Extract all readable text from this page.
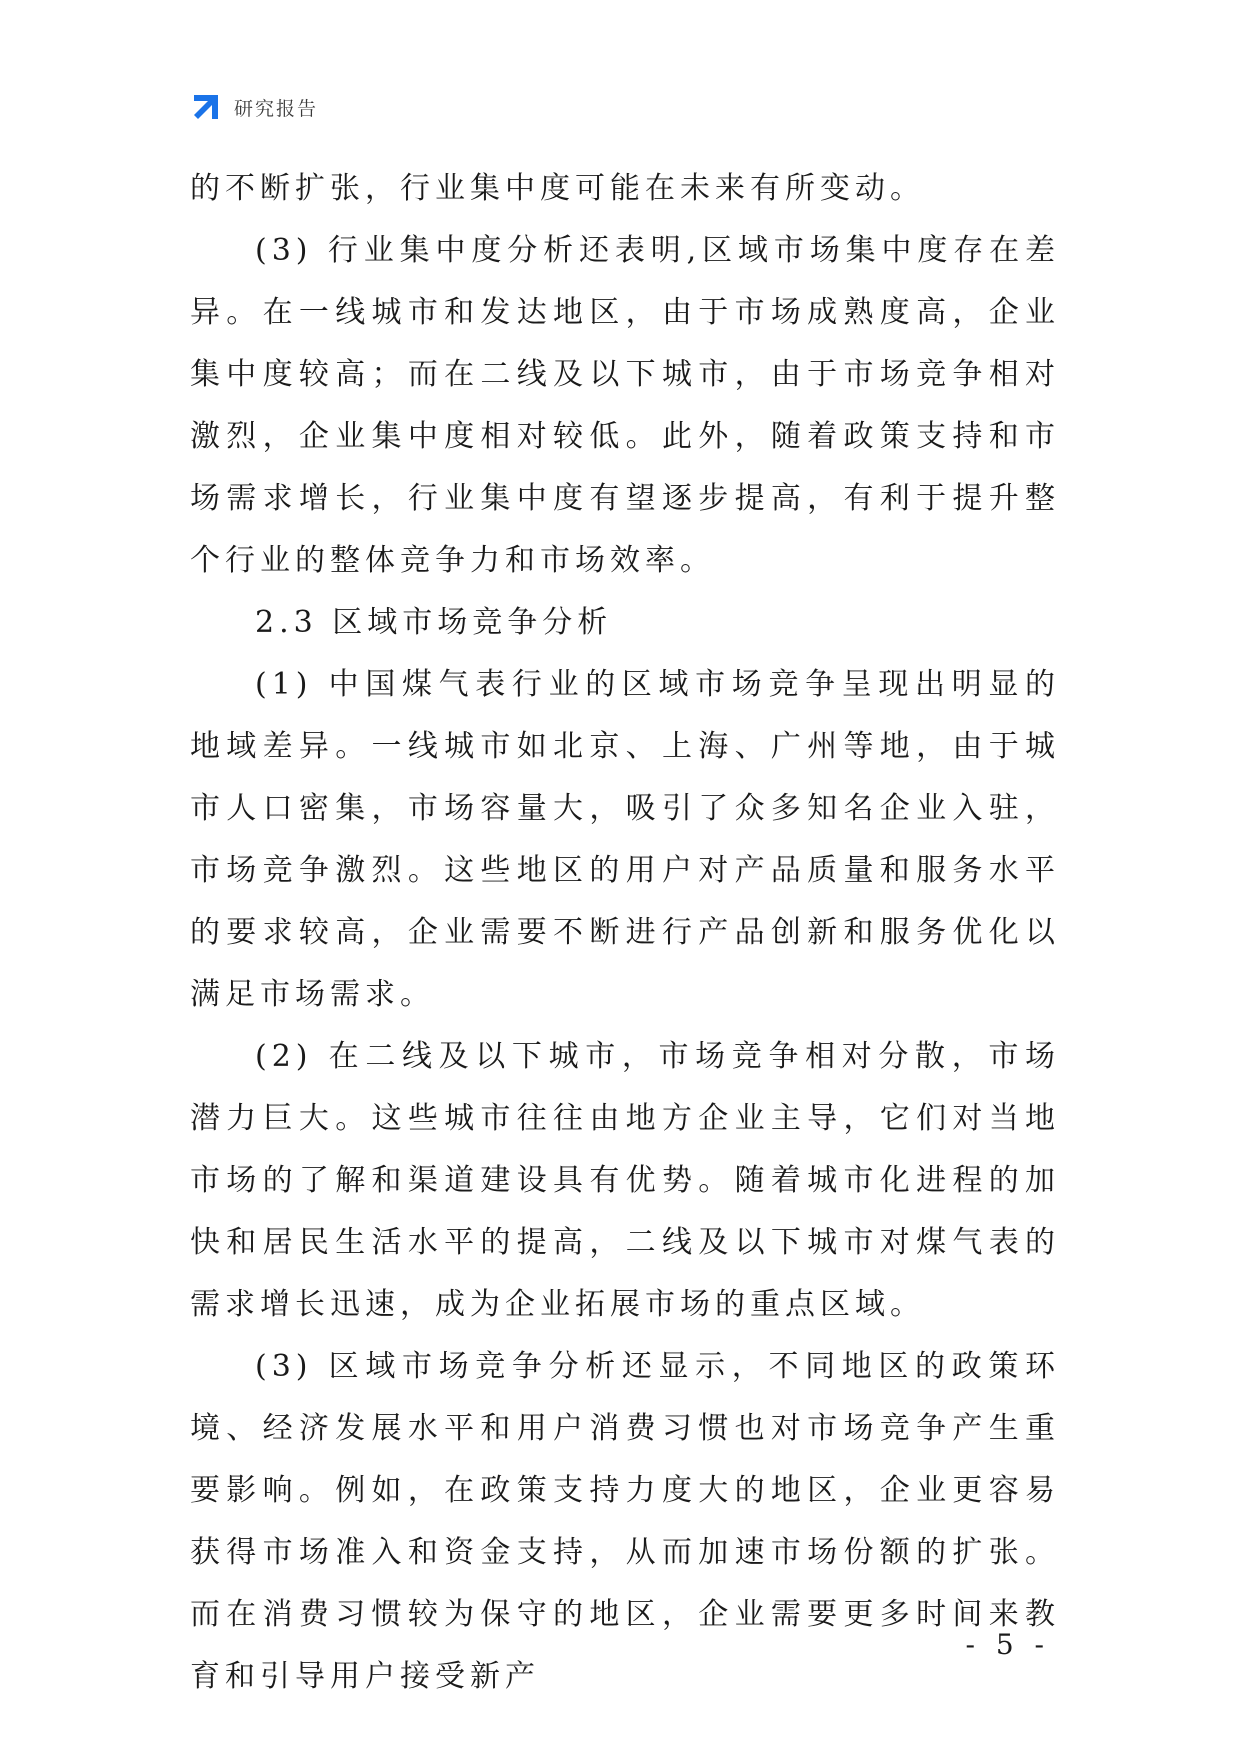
研究报告

的不断扩张，行业集中度可能在未来有所变动。

(3) 行业集中度分析还表明,区域市场集中度存在差异。在一线城市和发达地区，由于市场成熟度高，企业集中度较高；而在二线及以下城市，由于市场竞争相对激烈，企业集中度相对较低。此外，随着政策支持和市场需求增长，行业集中度有望逐步提高，有利于提升整个行业的整体竞争力和市场效率。

2.3 区域市场竞争分析

(1) 中国煤气表行业的区域市场竞争呈现出明显的地域差异。一线城市如北京、上海、广州等地，由于城市人口密集，市场容量大，吸引了众多知名企业入驻，市场竞争激烈。这些地区的用户对产品质量和服务水平的要求较高，企业需要不断进行产品创新和服务优化以满足市场需求。

(2) 在二线及以下城市，市场竞争相对分散，市场潜力巨大。这些城市往往由地方企业主导，它们对当地市场的了解和渠道建设具有优势。随着城市化进程的加快和居民生活水平的提高，二线及以下城市对煤气表的需求增长迅速，成为企业拓展市场的重点区域。

(3) 区域市场竞争分析还显示，不同地区的政策环境、经济发展水平和用户消费习惯也对市场竞争产生重要影响。例如，在政策支持力度大的地区，企业更容易获得市场准入和资金支持，从而加速市场份额的扩张。而在消费习惯较为保守的地区，企业需要更多时间来教育和引导用户接受新产

- 5 -
